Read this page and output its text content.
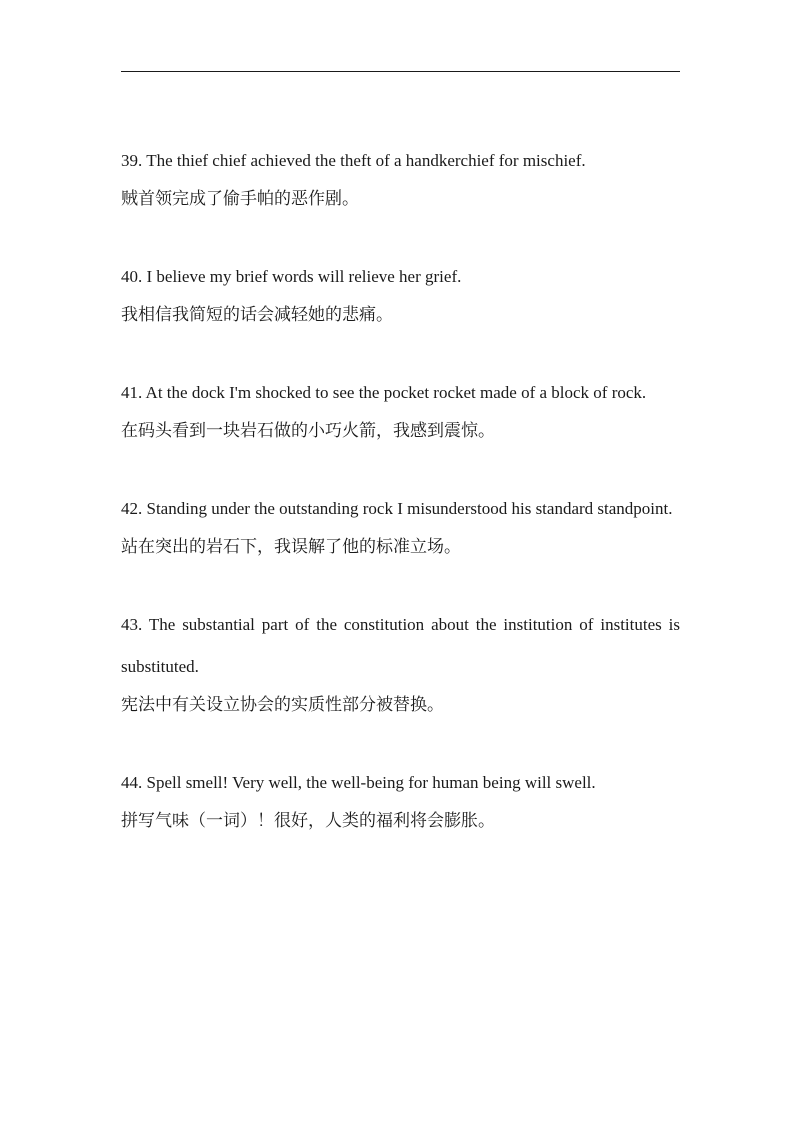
39. The thief chief achieved the theft of a handkerchief for mischief.

贼首领完成了偷手帕的恶作剧。

40. I believe my brief words will relieve her grief.

我相信我简短的话会减轻她的悲痛。

41. At the dock I'm shocked to see the pocket rocket made of a block of rock.

在码头看到一块岩石做的小巧火箭，我感到震惊。

42. Standing under the outstanding rock I misunderstood his standard standpoint.

站在突出的岩石下，我误解了他的标准立场。

43. The substantial part of the constitution about the institution of institutes is substituted.

宪法中有关设立协会的实质性部分被替换。

44. Spell smell! Very well, the well-being for human being will swell.

拼写气味（一词）！很好，人类的福利将会膨胀。
